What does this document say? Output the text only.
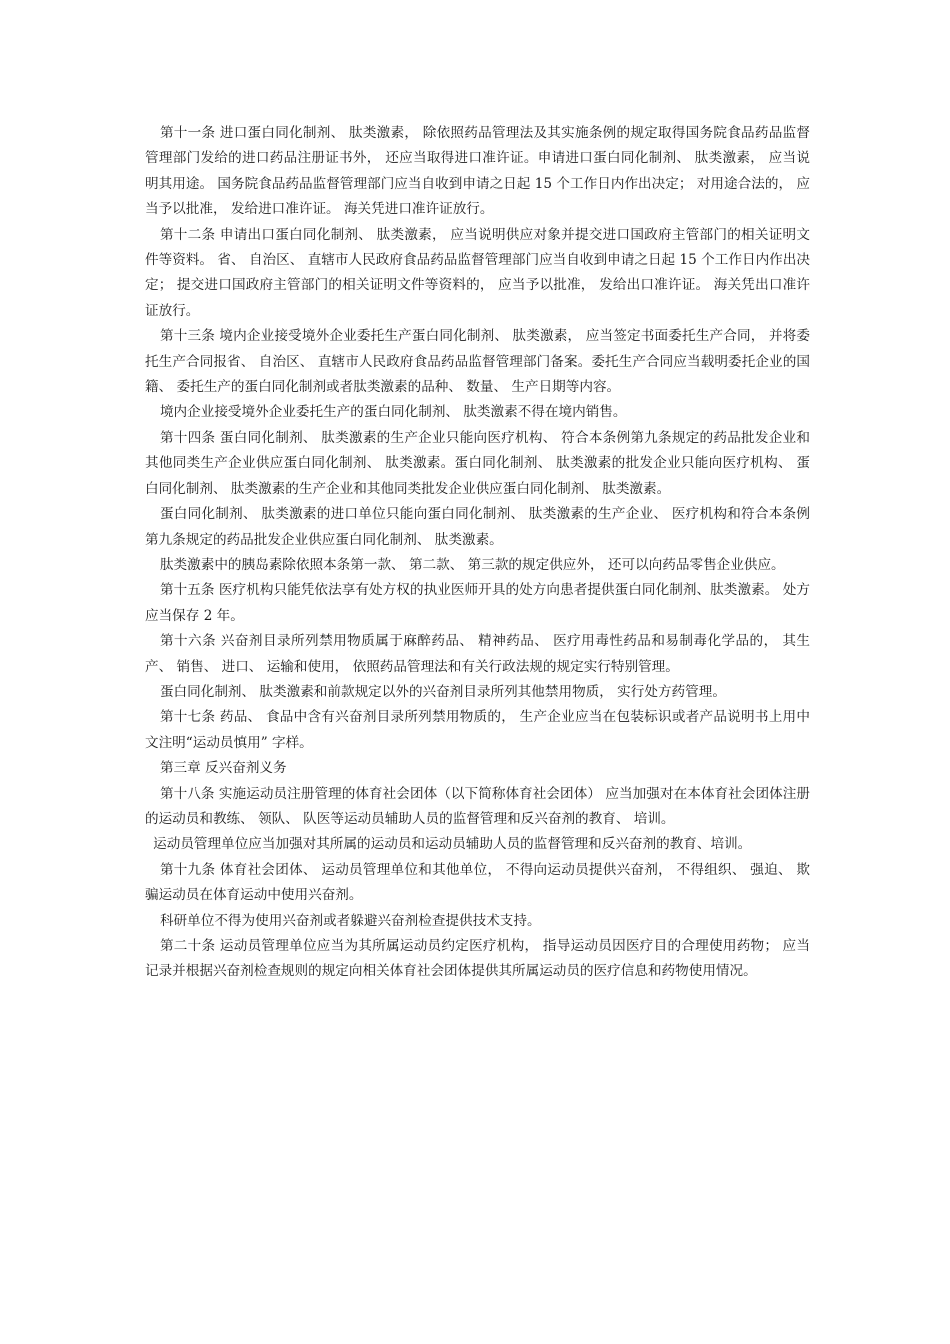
第十一条 进口蛋白同化制剂、 肽类激素， 除依照药品管理法及其实施条例的规定取得国务院食品药品监督管理部门发给的进口药品注册证书外， 还应当取得进口准许证。申请进口蛋白同化制剂、 肽类激素， 应当说明其用途。 国务院食品药品监督管理部门应当自收到申请之日起 15 个工作日内作出决定； 对用途合法的， 应当予以批准， 发给进口准许证。 海关凭进口准许证放行。

第十二条 申请出口蛋白同化制剂、 肽类激素， 应当说明供应对象并提交进口国政府主管部门的相关证明文件等资料。 省、 自治区、 直辖市人民政府食品药品监督管理部门应当自收到申请之日起 15 个工作日内作出决定； 提交进口国政府主管部门的相关证明文件等资料的， 应当予以批准， 发给出口准许证。 海关凭出口准许证放行。

第十三条 境内企业接受境外企业委托生产蛋白同化制剂、 肽类激素， 应当签定书面委托生产合同， 并将委托生产合同报省、 自治区、 直辖市人民政府食品药品监督管理部门备案。委托生产合同应当载明委托企业的国籍、 委托生产的蛋白同化制剂或者肽类激素的品种、 数量、 生产日期等内容。

境内企业接受境外企业委托生产的蛋白同化制剂、 肽类激素不得在境内销售。

第十四条 蛋白同化制剂、 肽类激素的生产企业只能向医疗机构、 符合本条例第九条规定的药品批发企业和其他同类生产企业供应蛋白同化制剂、 肽类激素。蛋白同化制剂、 肽类激素的批发企业只能向医疗机构、 蛋白同化制剂、 肽类激素的生产企业和其他同类批发企业供应蛋白同化制剂、 肽类激素。

蛋白同化制剂、 肽类激素的进口单位只能向蛋白同化制剂、 肽类激素的生产企业、 医疗机构和符合本条例第九条规定的药品批发企业供应蛋白同化制剂、 肽类激素。

肽类激素中的胰岛素除依照本条第一款、 第二款、 第三款的规定供应外， 还可以向药品零售企业供应。

第十五条 医疗机构只能凭依法享有处方权的执业医师开具的处方向患者提供蛋白同化制剂、肽类激素。 处方应当保存 2 年。

第十六条 兴奋剂目录所列禁用物质属于麻醉药品、 精神药品、 医疗用毒性药品和易制毒化学品的， 其生产、 销售、 进口、 运输和使用， 依照药品管理法和有关行政法规的规定实行特别管理。

蛋白同化制剂、 肽类激素和前款规定以外的兴奋剂目录所列其他禁用物质， 实行处方药管理。

第十七条 药品、 食品中含有兴奋剂目录所列禁用物质的， 生产企业应当在包装标识或者产品说明书上用中文注明“运动员慎用” 字样。

第三章 反兴奋剂义务

第十八条 实施运动员注册管理的体育社会团体（以下简称体育社会团体） 应当加强对在本体育社会团体注册的运动员和教练、 领队、 队医等运动员辅助人员的监督管理和反兴奋剂的教育、 培训。

运动员管理单位应当加强对其所属的运动员和运动员辅助人员的监督管理和反兴奋剂的教育、培训。

第十九条 体育社会团体、 运动员管理单位和其他单位， 不得向运动员提供兴奋剂， 不得组织、 强迫、 欺骗运动员在体育运动中使用兴奋剂。

科研单位不得为使用兴奋剂或者躲避兴奋剂检查提供技术支持。

第二十条 运动员管理单位应当为其所属运动员约定医疗机构， 指导运动员因医疗目的合理使用药物； 应当记录并根据兴奋剂检查规则的规定向相关体育社会团体提供其所属运动员的医疗信息和药物使用情况。
